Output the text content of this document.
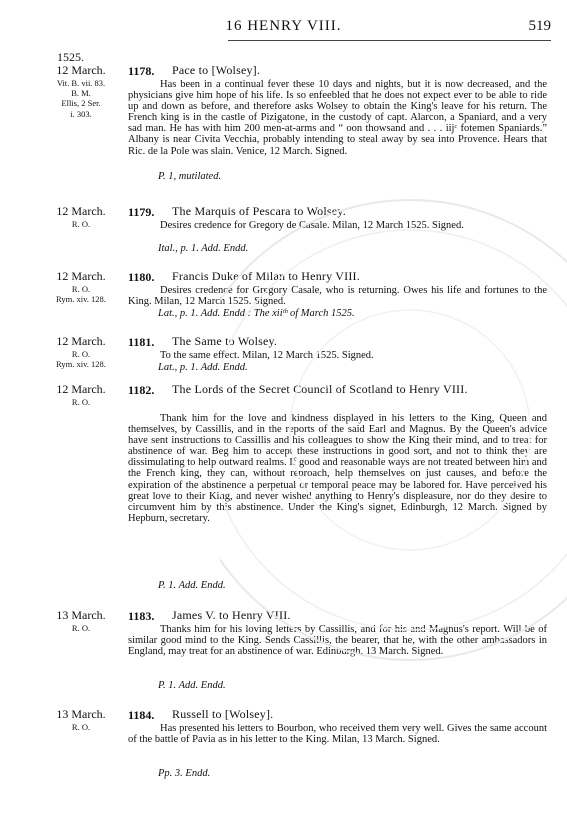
16 HENRY VIII.	519
1525.
12 March.
Vit. B. vii. 83.
B. M.
Ellis, 2 Ser.
i. 303.
1178.	Pace to [Wolsey].
Has been in a continual fever these 10 days and nights, but it is now decreased, and the physicians give him hope of his life. Is so enfeebled that he does not expect ever to be able to ride up and down as before, and therefore asks Wolsey to obtain the King's leave for his return. The French king is in the castle of Pizigatone, in the custody of capt. Alarcon, a Spaniard, and a very sad man. He has with him 200 men-at-arms and “ oon thowsand and . . . iijᶜ fotemen Spaniards.” Albany is near Civita Vecchia, probably intending to steal away by sea into Provence. Hears that Ric. de la Pole was slain. Venice, 12 March. Signed.
P. 1, mutilated.
12 March.
R. O.
1179.	The Marquis of Pescara to Wolsey.
Desires credence for Gregory de Casale. Milan, 12 March 1525. Signed.
Ital., p. 1. Add. Endd.
12 March.
R. O.
Rym. xiv. 128.
1180.	Francis Duke of Milan to Henry VIII.
Desires credence for Gregory Casale, who is returning. Owes his life and fortunes to the King. Milan, 12 March 1525. Signed.
Lat., p. 1. Add. Endd.: The xiiᵗʰ of March 1525.
12 March.
R. O.
Rym. xiv. 128.
1181.	The Same to Wolsey.
To the same effect. Milan, 12 March 1525. Signed.
Lat., p. 1. Add. Endd.
12 March.
R. O.
1182.	The Lords of the Secret Council of Scotland to Henry VIII.
Thank him for the love and kindness displayed in his letters to the King, Queen and themselves, by Cassillis, and in the reports of the said Earl and Magnus. By the Queen's advice have sent instructions to Cassillis and his colleagues to show the King their mind, and to treat for abstinence of war. Beg him to accept these instructions in good sort, and not to think they are dissimulating to help outward realms. If good and reasonable ways are not treated between him and the French king, they can, without reproach, help themselves on just causes, and before the expiration of the abstinence a perpetual or temporal peace may be labored for. Have perceived his great love to their King, and never wished anything to Henry's displeasure, nor do they desire to circumvent him by this abstinence. Under the King's signet, Edinburgh, 12 March. Signed by Hepburn, secretary.
P. 1. Add. Endd.
13 March.
R. O.
1183.	James V. to Henry VIII.
Thanks him for his loving letters by Cassillis, and for his and Magnus's report. Will be of similar good mind to the King. Sends Cassillis, the bearer, that he, with the other ambassadors in England, may treat for an abstinence of war. Edinburgh, 13 March. Signed.
P. 1. Add. Endd.
13 March.
R. O.
1184.	Russell to [Wolsey].
Has presented his letters to Bourbon, who received them very well. Gives the same account of the battle of Pavia as in his letter to the King. Milan, 13 March. Signed.
Pp. 3. Endd.
